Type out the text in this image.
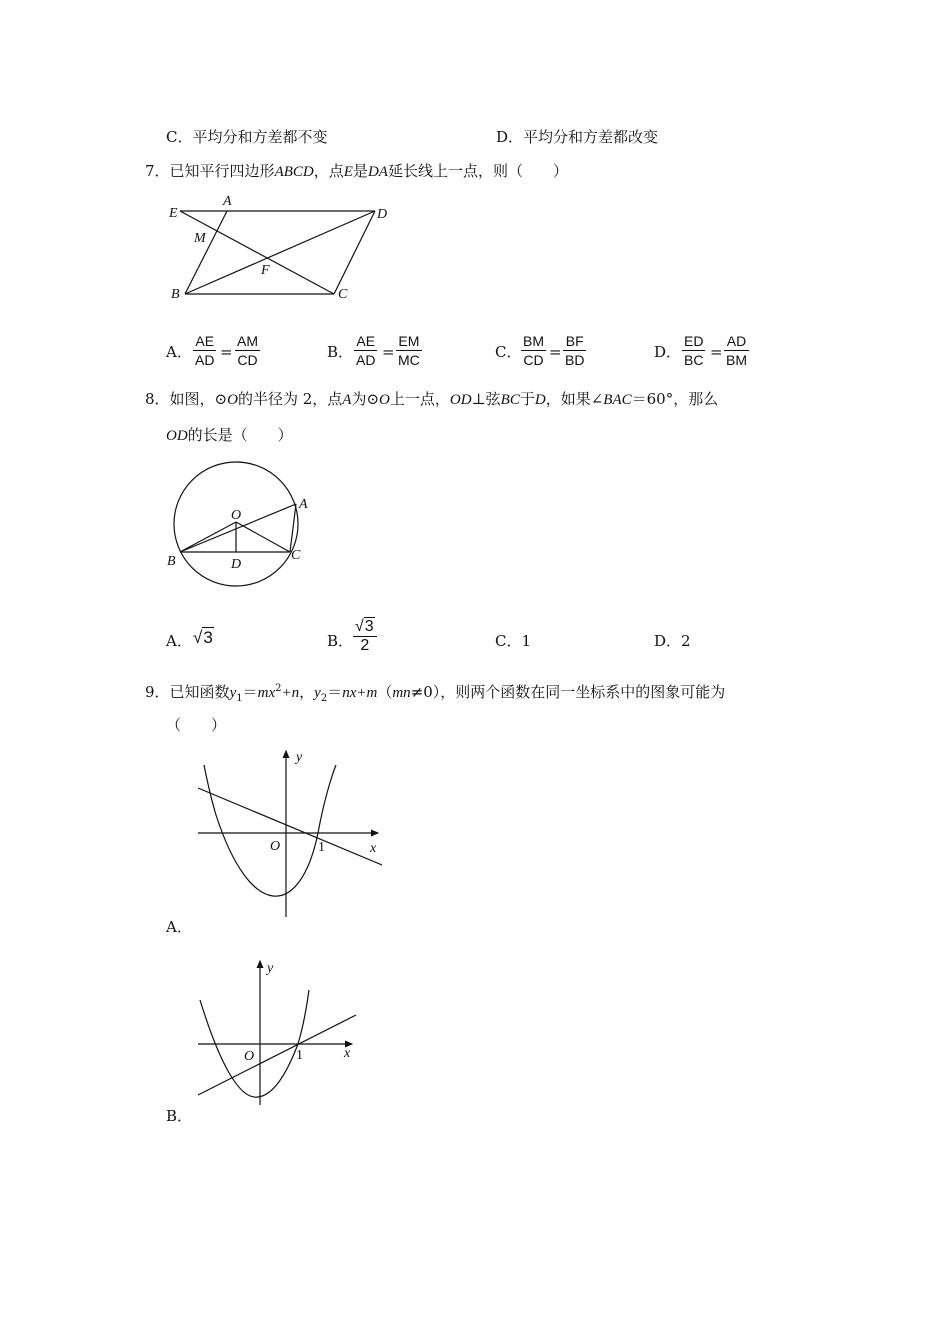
C．平均分和方差都不变	D．平均分和方差都改变
7．已知平行四边形ABCD，点E是DA延长线上一点，则（　　）
E
A
D
M
F
B	C
A． $\frac{AE}{AD} = \frac{AM}{CD}$	B． $\frac{AE}{AD} = \frac{EM}{MC}$	C． $\frac{BM}{CD} = \frac{BF}{BD}$	D． $\frac{ED}{BC} = \frac{AD}{BM}$
8．如图，⊙O的半径为 2，点A为⊙O上一点，OD⊥弦BC于D，如果∠BAC＝60°，那么
OD的长是（　　）
O
A
B	C
D
A． √3	B． $\frac{√3}{2}$	C．1	D．2
9．已知函数$y_1=mx^2+n$，$y_2=nx+m(mn\ne 0)$，则两个函数在同一坐标系中的图象可能为
（　　）
y
x
O	1
A．
y
x
O	1
B．
